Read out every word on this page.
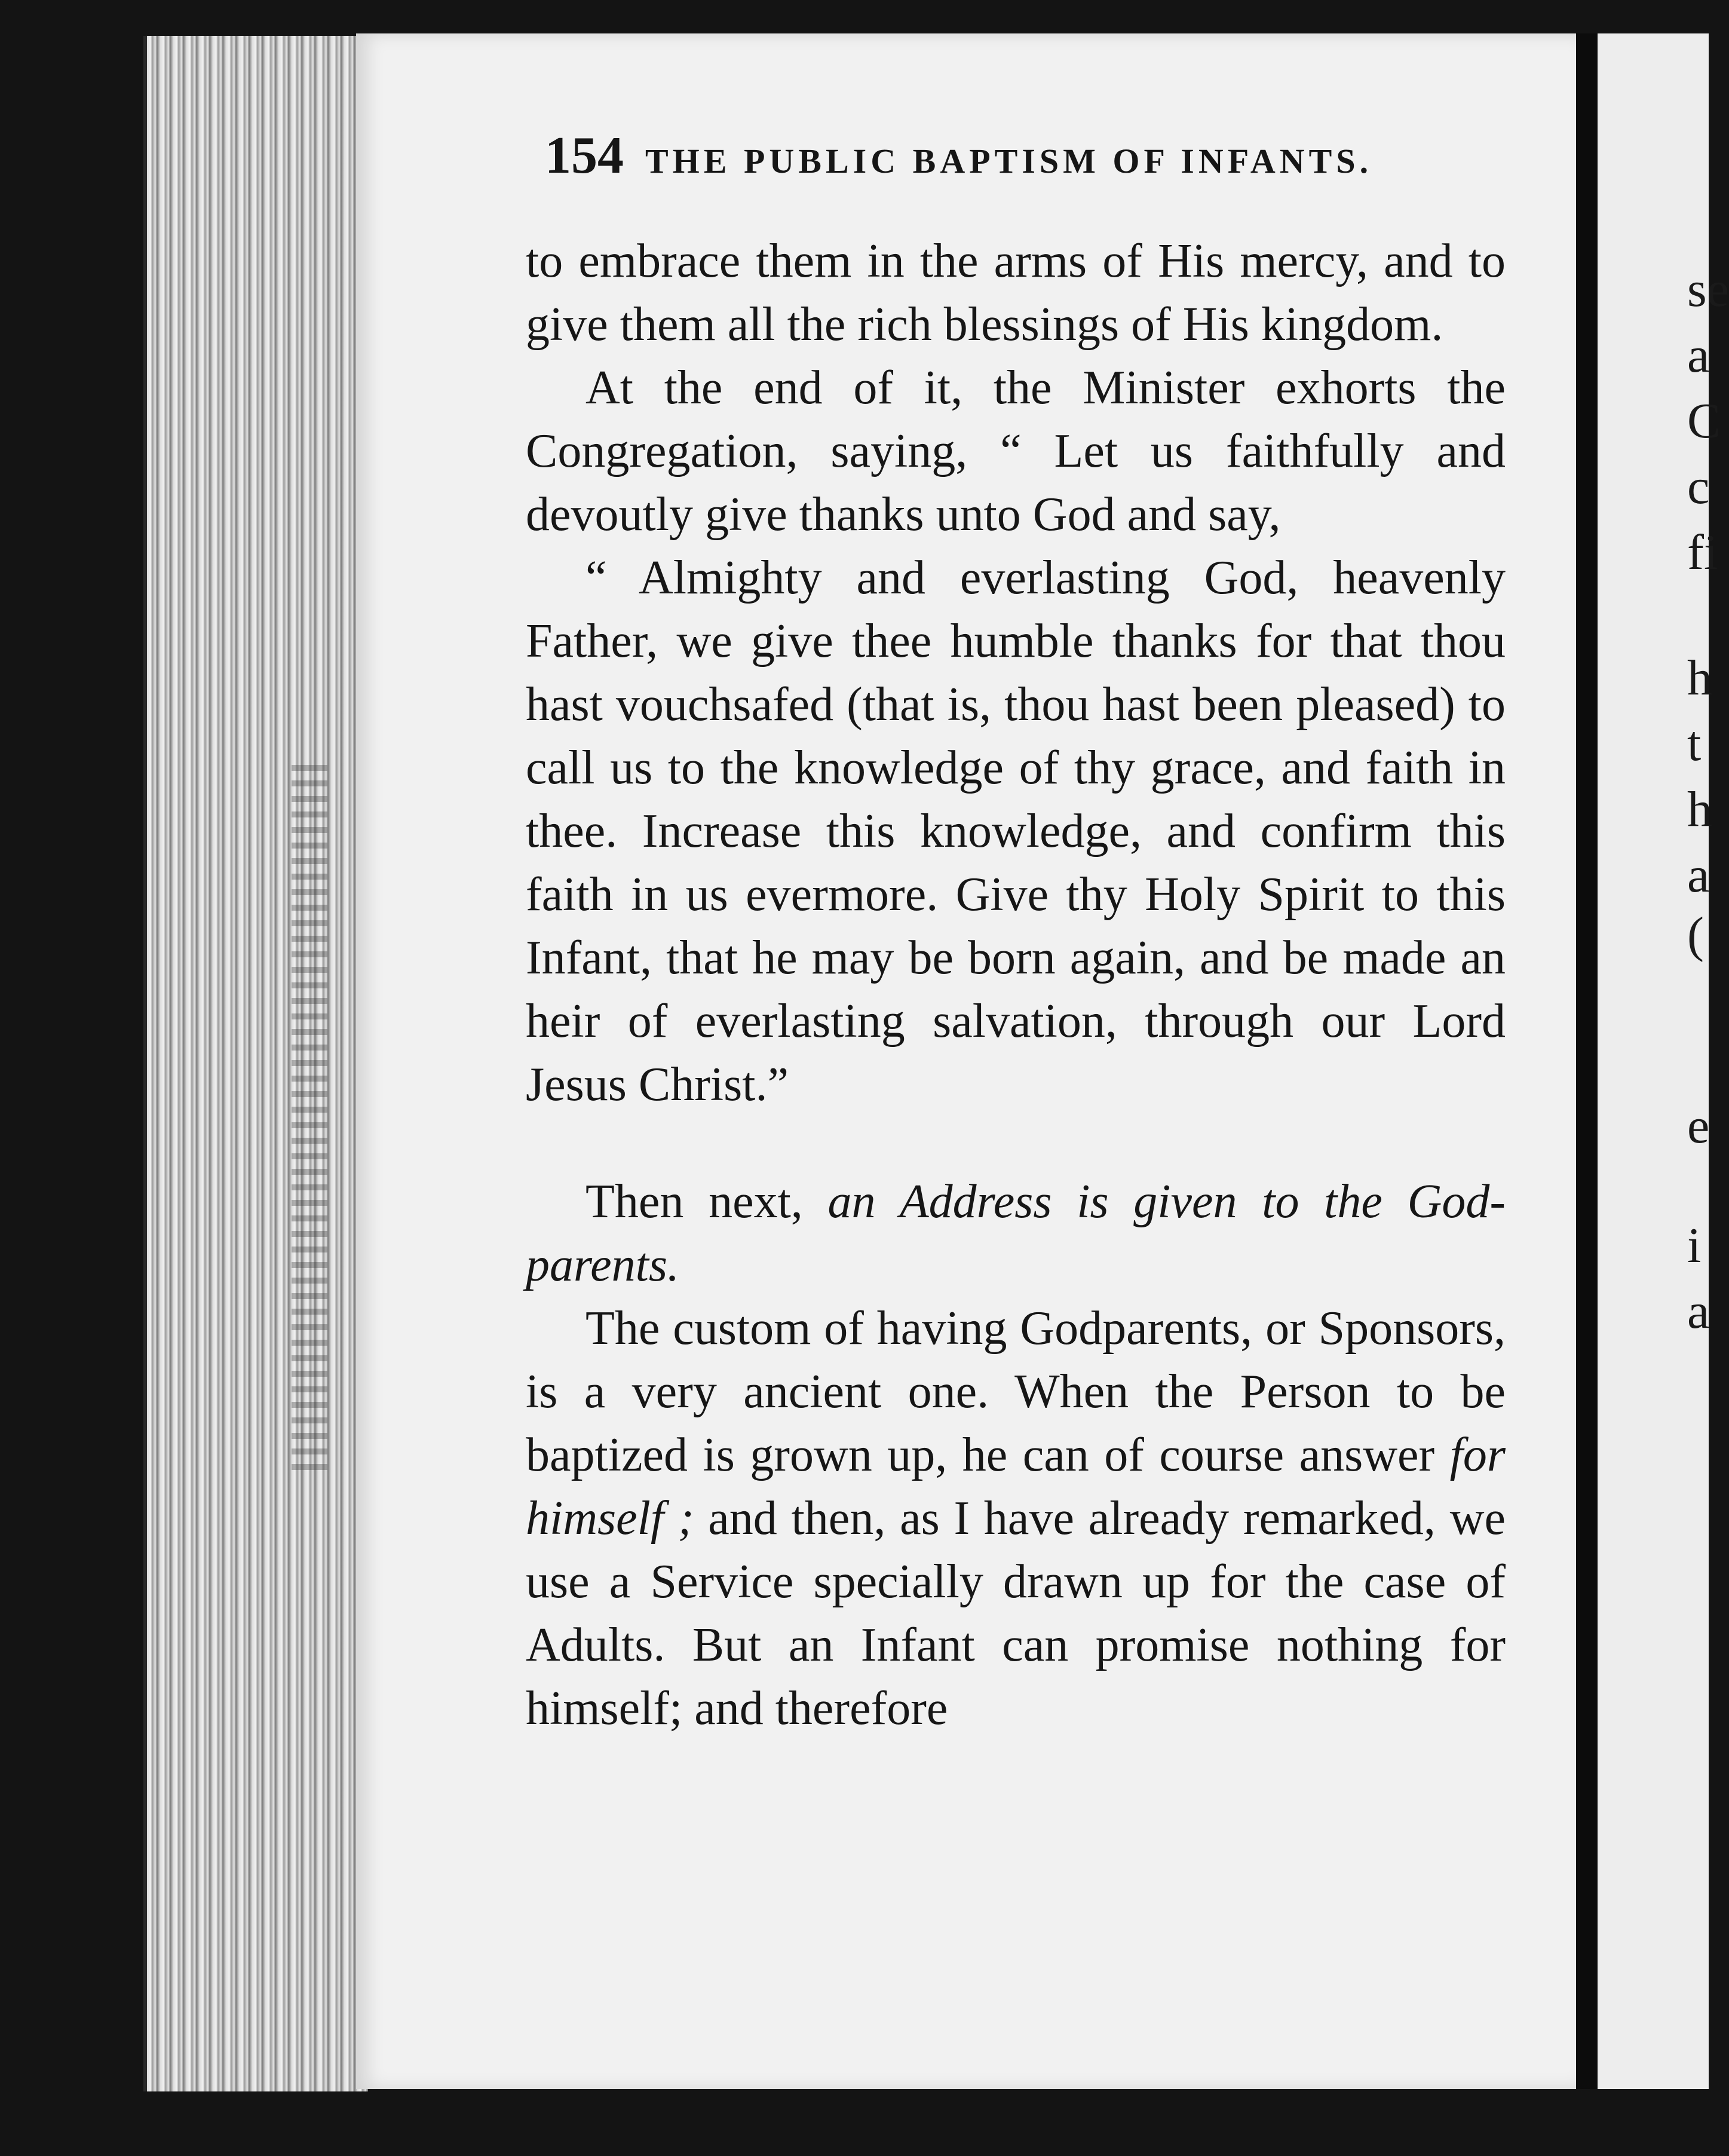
se
a
C
c
fi
h
t
h
a
(
e
i
a
154 THE PUBLIC BAPTISM OF INFANTS.

to embrace them in the arms of His mercy, and to give them all the rich blessings of His kingdom.

At the end of it, the Minister exhorts the Congregation, saying, “ Let us faithfully and devoutly give thanks unto God and say,

“ Almighty and everlasting God, heavenly Father, we give thee humble thanks for that thou hast vouchsafed (that is, thou hast been pleased) to call us to the knowledge of thy grace, and faith in thee. Increase this knowledge, and confirm this faith in us evermore. Give thy Holy Spirit to this Infant, that he may be born again, and be made an heir of everlasting salvation, through our Lord Jesus Christ.”

Then next, an Address is given to the God-parents.

The custom of having Godparents, or Sponsors, is a very ancient one. When the Person to be baptized is grown up, he can of course answer for himself ; and then, as I have already remarked, we use a Service specially drawn up for the case of Adults. But an Infant can promise nothing for himself; and therefore
